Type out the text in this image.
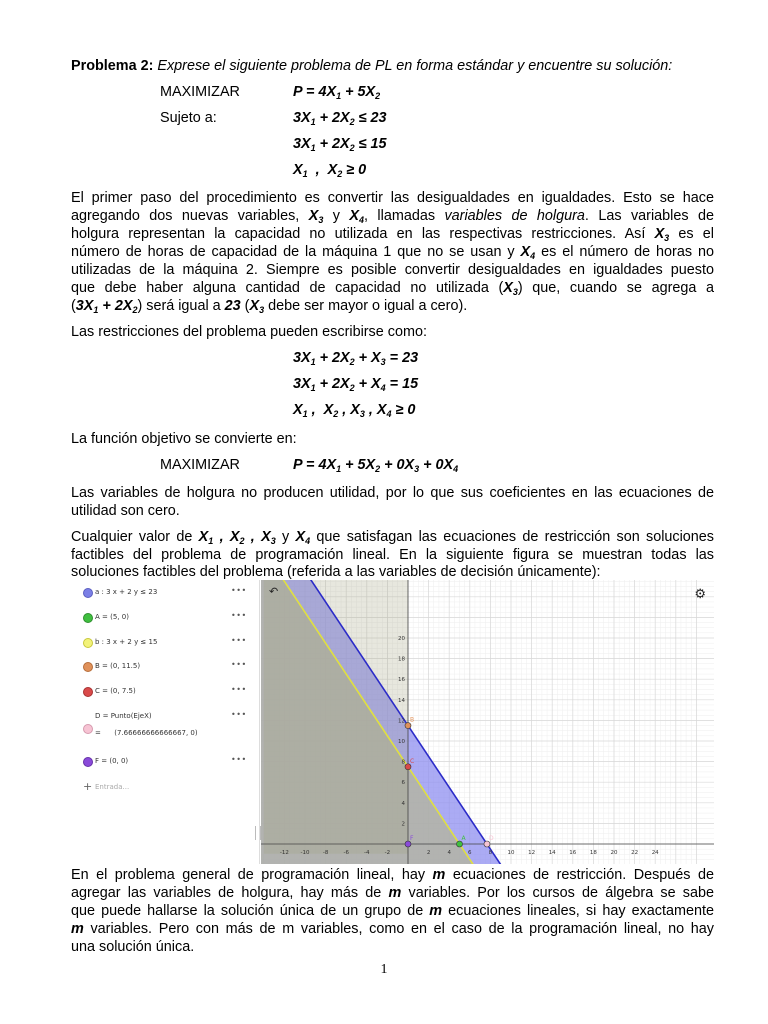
Problema 2: Exprese el siguiente problema de PL en forma estándar y encuentre su solución:
MAXIMIZAR	$P = 4X_1 + 5X_2$
Sujeto a:	$3X_1 + 2X_2 \le 23$
$3X_1 + 2X_2 \le 15$
$X_1$  ,  $X_2 \ge 0$
El primer paso del procedimiento es convertir las desigualdades en igualdades. Esto se hace
agregando dos nuevas variables, $X_3$ y $X_4$, llamadas variables de holgura. Las variables de
holgura representan la capacidad no utilizada en las respectivas restricciones. Así $X_3$ es el
número de horas de capacidad de la máquina 1 que no se usan y $X_4$ es el número de horas no
utilizadas de la máquina 2. Siempre es posible convertir desigualdades en igualdades puesto
que debe haber alguna cantidad de capacidad no utilizada $(X_3)$ que, cuando se agrega a
$(3X_1 + 2X_2)$ será igual a 23 ($X_3$ debe ser mayor o igual a cero).
Las restricciones del problema pueden escribirse como:
$3X_1 + 2X_2 + X_3 = 23$
$3X_1 + 2X_2 + X_4 = 15$
$X_1$ ,  $X_2$ , $X_3$ , $X_4 \ge 0$
La función objetivo se convierte en:
MAXIMIZAR	$P = 4X_1 + 5X_2 + 0X_3 + 0X_4$
Las variables de holgura no producen utilidad, por lo que sus coeficientes en las ecuaciones de
utilidad son cero.
Cualquier valor de $X_1$ , $X_2$ , $X_3$ y $X_4$ que satisfagan las ecuaciones de restricción son soluciones
factibles del problema de programación lineal. En la siguiente figura se muestran todas las
soluciones factibles del problema (referida a las variables de decisión únicamente):
a : 3 x + 2 y ≤ 23	•••
A = (5, 0)	•••
b : 3 x + 2 y ≤ 15	•••
B = (0, 11.5)	•••
C = (0, 7.5)	•••
D = Punto(EjeX)	•••
=      (7.66666666666667, 0)
F = (0, 0)	•••
+ Entrada...
-12 -10 -8	-6	-4	-2	2	4	6	8	10 12 14 16 18 20 22 24
2
4
6
8
10
12
14
16
18
20
A
B
C
D
F
↶	⚙
En el problema general de programación lineal, hay m ecuaciones de restricción. Después de
agregar las variables de holgura, hay más de m variables. Por los cursos de álgebra se sabe
que puede hallarse la solución única de un grupo de m ecuaciones lineales, si hay exactamente
m variables. Pero con más de m variables, como en el caso de la programación lineal, no hay
una solución única.
1
